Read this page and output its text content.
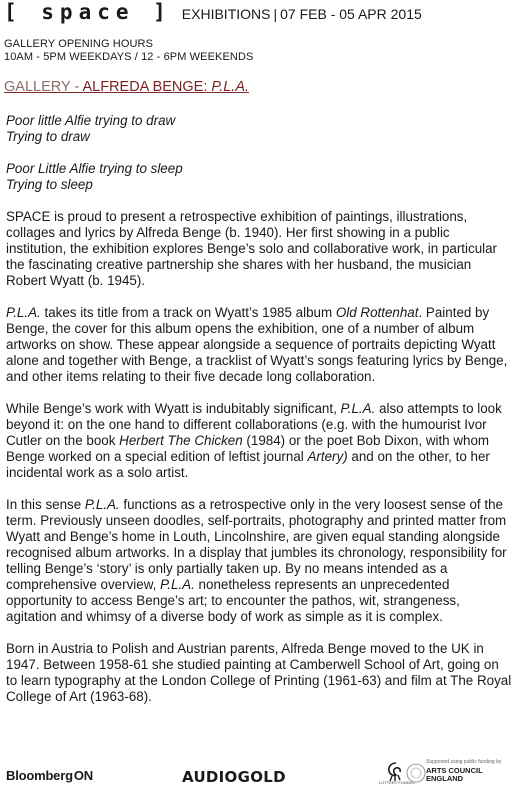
[ space ] EXHIBITIONS | 07 FEB - 05 APR 2015
GALLERY OPENING HOURS
10AM - 5PM WEEKDAYS / 12 - 6PM WEEKENDS
GALLERY - ALFREDA BENGE: P.L.A.

Poor little Alfie trying to draw
Trying to draw

Poor Little Alfie trying to sleep
Trying to sleep

SPACE is proud to present a retrospective exhibition of paintings, illustrations, collages and lyrics by Alfreda Benge (b. 1940). Her first showing in a public institution, the exhibition explores Benge’s solo and collaborative work, in particular the fascinating creative partnership she shares with her husband, the musician Robert Wyatt (b. 1945).

P.L.A. takes its title from a track on Wyatt’s 1985 album Old Rottenhat. Painted by Benge, the cover for this album opens the exhibition, one of a number of album artworks on show. These appear alongside a sequence of portraits depicting Wyatt alone and together with Benge, a tracklist of Wyatt’s songs featuring lyrics by Benge, and other items relating to their five decade long collaboration.

While Benge’s work with Wyatt is indubitably significant, P.L.A. also attempts to look beyond it: on the one hand to different collaborations (e.g. with the humourist Ivor Cutler on the book Herbert The Chicken (1984) or the poet Bob Dixon, with whom Benge worked on a special edition of leftist journal Artery) and on the other, to her incidental work as a solo artist.

In this sense P.L.A. functions as a retrospective only in the very loosest sense of the term. Previously unseen doodles, self-portraits, photography and printed matter from Wyatt and Benge’s home in Louth, Lincolnshire, are given equal standing alongside recognised album artworks. In a display that jumbles its chronology, responsibility for telling Benge’s ‘story’ is only partially taken up. By no means intended as a comprehensive overview, P.L.A. nonetheless represents an unprecedented opportunity to access Benge’s art; to encounter the pathos, wit, strangeness, agitation and whimsy of a diverse body of work as simple as it is complex.

Born in Austria to Polish and Austrian parents, Alfreda Benge moved to the UK in 1947. Between 1958-61 she studied painting at Camberwell School of Art, going on to learn typography at the London College of Printing (1961-63) and film at The Royal College of Art (1963-68).

BloombergON	AUDIOGOLD	LOTTERY FUNDED
Supported using public funding by
ARTS COUNCIL
ENGLAND
